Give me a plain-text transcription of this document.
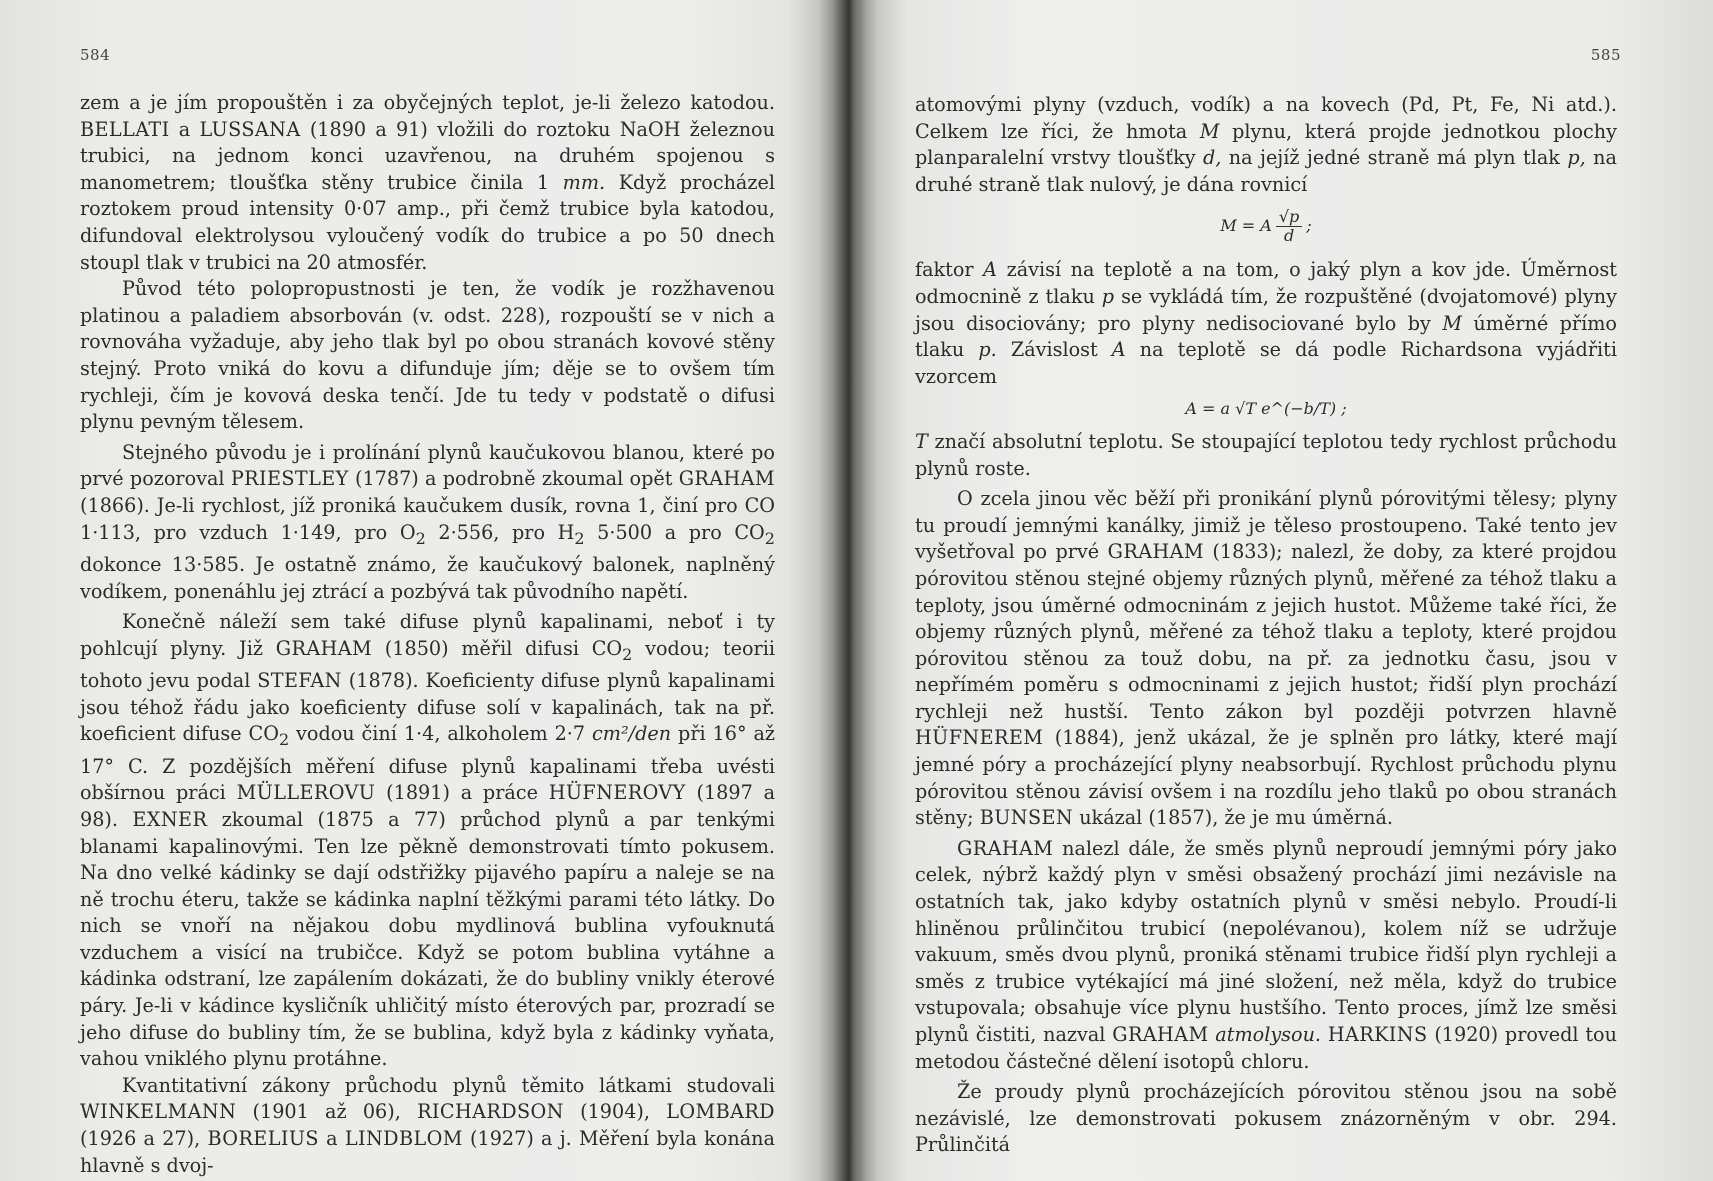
584

zem a je jím propouštěn i za obyčejných teplot, je-li železo katodou. BELLATI a LUSSANA (1890 a 91) vložili do roztoku NaOH železnou trubici, na jednom konci uzavřenou, na druhém spojenou s manometrem; tloušťka stěny trubice činila 1 mm. Když procházel roztokem proud intensity 0·07 amp., při čemž trubice byla katodou, difundoval elektrolysou vyloučený vodík do trubice a po 50 dnech stoupl tlak v trubici na 20 atmosfér.

Původ této polopropustnosti je ten, že vodík je rozžhavenou platinou a paladiem absorbován (v. odst. 228), rozpouští se v nich a rovnováha vyžaduje, aby jeho tlak byl po obou stranách kovové stěny stejný. Proto vniká do kovu a difunduje jím; děje se to ovšem tím rychleji, čím je kovová deska tenčí. Jde tu tedy v podstatě o difusi plynu pevným tělesem.

Stejného původu je i prolínání plynů kaučukovou blanou, které po prvé pozoroval PRIESTLEY (1787) a podrobně zkoumal opět GRAHAM (1866). Je-li rychlost, jíž proniká kaučukem dusík, rovna 1, činí pro CO 1·113, pro vzduch 1·149, pro $O_2$ 2·556, pro $H_2$ 5·500 a pro $CO_2$ dokonce 13·585. Je ostatně známo, že kaučukový balonek, naplněný vodíkem, ponenáhlu jej ztrácí a pozbývá tak původního napětí.

Konečně náleží sem také difuse plynů kapalinami, neboť i ty pohlcují plyny. Již GRAHAM (1850) měřil difusi $CO_2$ vodou; teorii tohoto jevu podal STEFAN (1878). Koeficienty difuse plynů kapalinami jsou téhož řádu jako koeficienty difuse solí v kapalinách, tak na př. koeficient difuse $CO_2$ vodou činí 1·4, alkoholem 2·7 cm²/den při 16° až 17° C. Z pozdějších měření difuse plynů kapalinami třeba uvésti obšírnou práci MÜLLEROVU (1891) a práce HÜFNEROVY (1897 a 98). EXNER zkoumal (1875 a 77) průchod plynů a par tenkými blanami kapalinovými. Ten lze pěkně demonstrovati tímto pokusem. Na dno velké kádinky se dají odstřižky pijavého papíru a naleje se na ně trochu éteru, takže se kádinka naplní těžkými parami této látky. Do nich se vnoří na nějakou dobu mydlinová bublina vyfouknutá vzduchem a visící na trubičce. Když se potom bublina vytáhne a kádinka odstraní, lze zapálením dokázati, že do bubliny vnikly éterové páry. Je-li v kádince kysličník uhličitý místo éterových par, prozradí se jeho difuse do bubliny tím, že se bublina, když byla z kádinky vyňata, vahou vniklého plynu protáhne.

Kvantitativní zákony průchodu plynů těmito látkami studovali WINKELMANN (1901 až 06), RICHARDSON (1904), LOMBARD (1926 a 27), BORELIUS a LINDBLOM (1927) a j. Měření byla konána hlavně s dvoj-

585

atomovými plyny (vzduch, vodík) a na kovech (Pd, Pt, Fe, Ni atd.). Celkem lze říci, že hmota M plynu, která projde jednotkou plochy planparalelní vrstvy tloušťky d, na jejíž jedné straně má plyn tlak p, na druhé straně tlak nulový, je dána rovnicí

M = A $\frac{√p}{d}$ ;

faktor A závisí na teplotě a na tom, o jaký plyn a kov jde. Úměrnost odmocnině z tlaku p se vykládá tím, že rozpuštěné (dvojatomové) plyny jsou disociovány; pro plyny nedisociované bylo by M úměrné přímo tlaku p. Závislost A na teplotě se dá podle Richardsona vyjádřiti vzorcem

A = a √T e^(−b/T) ;

T značí absolutní teplotu. Se stoupající teplotou tedy rychlost průchodu plynů roste.

O zcela jinou věc běží při pronikání plynů pórovitými tělesy; plyny tu proudí jemnými kanálky, jimiž je těleso prostoupeno. Také tento jev vyšetřoval po prvé GRAHAM (1833); nalezl, že doby, za které projdou pórovitou stěnou stejné objemy různých plynů, měřené za téhož tlaku a teploty, jsou úměrné odmocninám z jejich hustot. Můžeme také říci, že objemy různých plynů, měřené za téhož tlaku a teploty, které projdou pórovitou stěnou za touž dobu, na př. za jednotku času, jsou v nepřímém poměru s odmocninami z jejich hustot; řidší plyn prochází rychleji než hustší. Tento zákon byl později potvrzen hlavně HÜFNEREM (1884), jenž ukázal, že je splněn pro látky, které mají jemné póry a procházející plyny neabsorbují. Rychlost průchodu plynu pórovitou stěnou závisí ovšem i na rozdílu jeho tlaků po obou stranách stěny; BUNSEN ukázal (1857), že je mu úměrná.

GRAHAM nalezl dále, že směs plynů neproudí jemnými póry jako celek, nýbrž každý plyn v směsi obsažený prochází jimi nezávisle na ostatních tak, jako kdyby ostatních plynů v směsi nebylo. Proudí-li hliněnou průlinčitou trubicí (nepolévanou), kolem níž se udržuje vakuum, směs dvou plynů, proniká stěnami trubice řidší plyn rychleji a směs z trubice vytékající má jiné složení, než měla, když do trubice vstupovala; obsahuje více plynu hustšího. Tento proces, jímž lze směsi plynů čistiti, nazval GRAHAM atmolysou. HARKINS (1920) provedl tou metodou částečné dělení isotopů chloru.

Že proudy plynů procházejících pórovitou stěnou jsou na sobě nezávislé, lze demonstrovati pokusem znázorněným v obr. 294. Průlinčitá
